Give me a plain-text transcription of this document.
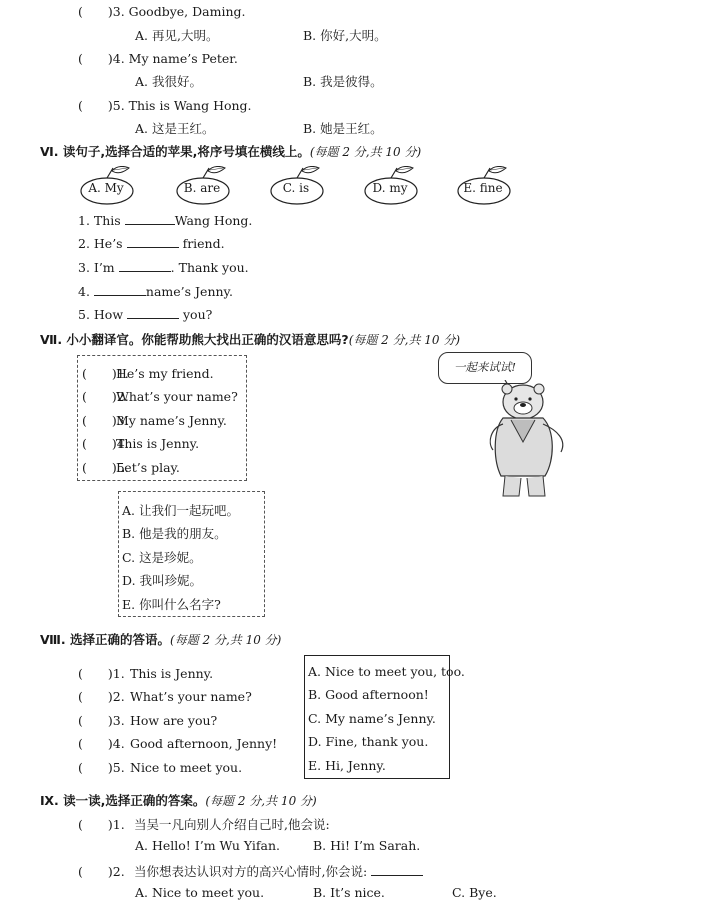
(　　)3. Goodbye, Daming.
A. 再见,大明。	B. 你好,大明。
(　　)4. My name’s Peter.
A. 我很好。	B. 我是彼得。
(　　)5. This is Wang Hong.
A. 这是王红。	B. 她是王红。
Ⅵ. 读句子,选择合适的苹果,将序号填在横线上。(每题 2 分,共 10 分)
A. My	B. are	C. is	D. my	E. fine
1. This	Wang Hong.
2. He’s	friend.
3. I’m	. Thank you.
4.	name’s Jenny.
5. How	you?
Ⅶ. 小小翻译官。你能帮助熊大找出正确的汉语意思吗?(每题 2 分,共 10 分)
(　　)1.He’s my friend.
(　　)2.What’s your name?
(　　)3.My name’s Jenny.
(　　)4.This is Jenny.
(　　)5.Let’s play.
A. 让我们一起玩吧。
B. 他是我的朋友。
C. 这是珍妮。
D. 我叫珍妮。
E. 你叫什么名字?
一起来试试!
Ⅷ. 选择正确的答语。(每题 2 分,共 10 分)
(　　)1. This is Jenny.
(　　)2. What’s your name?
(　　)3. How are you?
(　　)4. Good afternoon, Jenny!
(　　)5. Nice to meet you.
A. Nice to meet you, too.
B. Good afternoon!
C. My name’s Jenny.
D. Fine, thank you.
E. Hi, Jenny.
Ⅸ. 读一读,选择正确的答案。(每题 2 分,共 10 分)
(　　)1. 当吴一凡向别人介绍自己时,他会说:
A. Hello! I’m Wu Yifan.	B. Hi! I’m Sarah.
(　　)2. 当你想表达认识对方的高兴心情时,你会说:
A. Nice to meet you.	B. It’s nice.	C. Bye.
